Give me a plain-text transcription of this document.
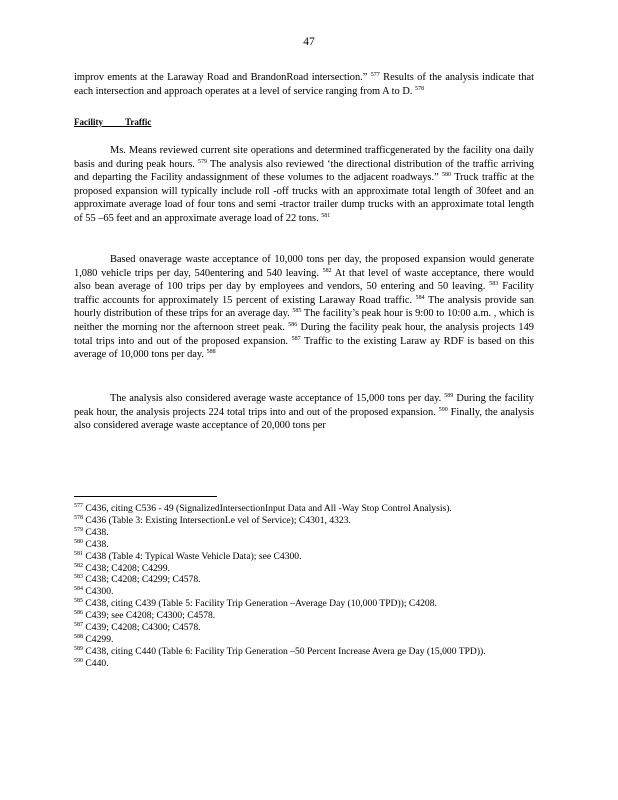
47

improv ements at the Laraway Road and BrandonRoad intersection.” $^{577}$ Results of the analysis indicate that each intersection and approach operates at a level of service ranging from A to D. $^{578}$

Facility Traffic

Ms. Means reviewed current site operations and determined trafficgenerated by the facility ona daily basis and during peak hours. $^{579}$ The analysis also reviewed ‘the directional distribution of the traffic arriving and departing the Facility andassignment of these volumes to the adjacent roadways.” $^{580}$ Truck traffic at the proposed expansion will typically include roll -off trucks with an approximate total length of 30feet and an approximate average load of four tons and semi -tractor trailer dump trucks with an approximate total length of 55 –65 feet and an approximate average load of 22 tons. $^{581}$

Based onaverage waste acceptance of 10,000 tons per day, the proposed expansion would generate 1,080 vehicle trips per day, 540entering and 540 leaving. $^{582}$ At that level of waste acceptance, there would also bean average of 100 trips per day by employees and vendors, 50 entering and 50 leaving. $^{583}$ Facility traffic accounts for approximately 15 percent of existing Laraway Road traffic. $^{584}$ The analysis provide san hourly distribution of these trips for an average day. $^{585}$ The facility’s peak hour is 9:00 to 10:00 a.m. , which is neither the morning nor the afternoon street peak. $^{586}$ During the facility peak hour, the analysis projects 149 total trips into and out of the proposed expansion. $^{587}$ Traffic to the existing Laraw ay RDF is based on this average of 10,000 tons per day. $^{588}$

The analysis also considered average waste acceptance of 15,000 tons per day. $^{589}$ During the facility peak hour, the analysis projects 224 total trips into and out of the proposed expansion. $^{590}$ Finally, the analysis also considered average waste acceptance of 20,000 tons per

$^{577}$ C436, citing C536 - 49 (SignalizedIntersectionInput Data and All -Way Stop Control Analysis).
$^{578}$ C436 (Table 3: Existing IntersectionLe vel of Service); C4301, 4323.
$^{579}$ C438.
$^{580}$ C438.
$^{581}$ C438 (Table 4: Typical Waste Vehicle Data); see C4300.
$^{582}$ C438; C4208; C4299.
$^{583}$ C438; C4208; C4299; C4578.
$^{584}$ C4300.
$^{585}$ C438, citing C439 (Table 5: Facility Trip Generation –Average Day (10,000 TPD)); C4208.
$^{586}$ C439; see C4208; C4300; C4578.
$^{587}$ C439; C4208; C4300; C4578.
$^{588}$ C4299.
$^{589}$ C438, citing C440 (Table 6: Facility Trip Generation –50 Percent Increase Avera ge Day (15,000 TPD)).
$^{590}$ C440.
